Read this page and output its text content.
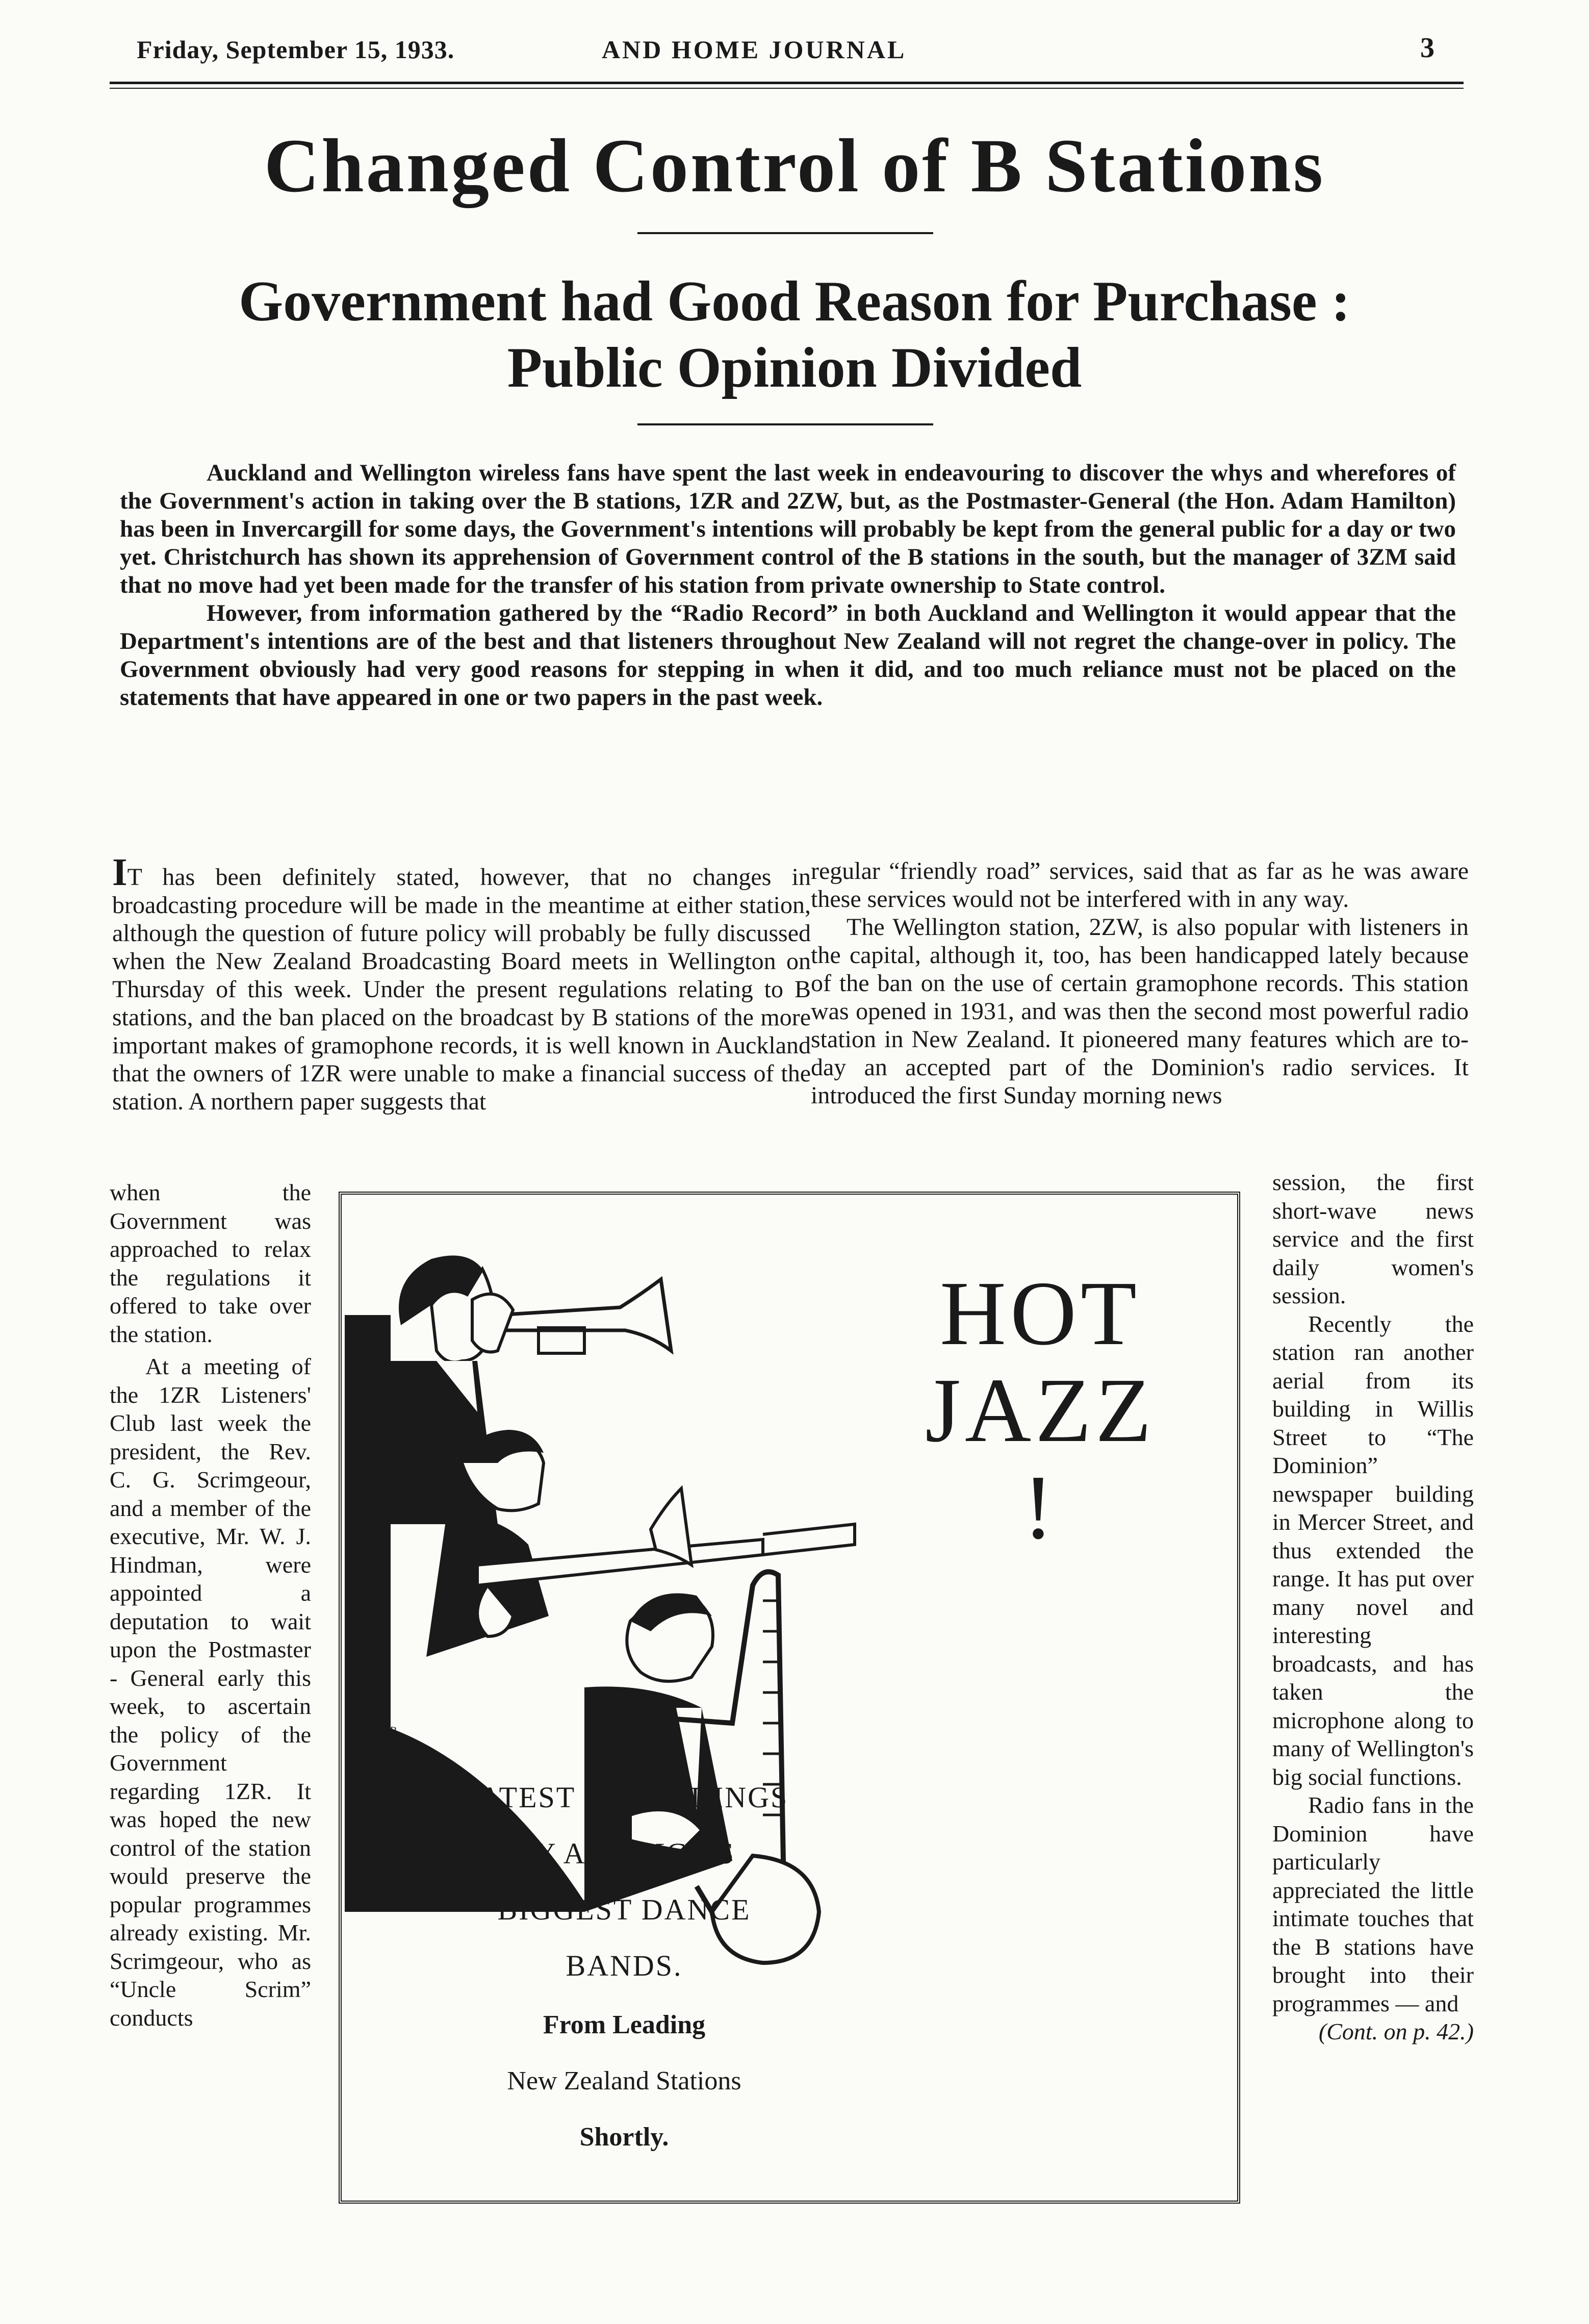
Friday, September 15, 1933.	AND HOME JOURNAL	3
Changed Control of B Stations
Government had Good Reason for Purchase :
Public Opinion Divided

Auckland and Wellington wireless fans have spent the last week in endeavouring to discover the whys and wherefores of the Government's action in taking over the B stations, 1ZR and 2ZW, but, as the Postmaster-General (the Hon. Adam Hamilton) has been in Invercargill for some days, the Government's intentions will probably be kept from the general public for a day or two yet. Christchurch has shown its apprehension of Government control of the B stations in the south, but the manager of 3ZM said that no move had yet been made for the transfer of his station from private ownership to State control.

However, from information gathered by the “Radio Record” in both Auckland and Wellington it would appear that the Department's intentions are of the best and that listeners throughout New Zealand will not regret the change-over in policy. The Government obviously had very good reasons for stepping in when it did, and too much reliance must not be placed on the statements that have appeared in one or two papers in the past week.

IT has been definitely stated, however, that no changes in broadcasting procedure will be made in the meantime at either station, although the question of future policy will probably be fully discussed when the New Zealand Broadcasting Board meets in Wellington on Thursday of this week. Under the present regulations relating to B stations, and the ban placed on the broadcast by B stations of the more important makes of gramophone records, it is well known in Auckland that the owners of 1ZR were unable to make a financial success of the station. A northern paper suggests that

when the Government was approached to relax the regulations it offered to take over the station.

At a meeting of the 1ZR Listeners' Club last week the president, the Rev. C. G. Scrimgeour, and a member of the executive, Mr. W. J. Hindman, were appointed a deputation to wait upon the Postmaster - General early this week, to ascertain the policy of the Government regarding 1ZR. It was hoped the new control of the station would preserve the popular programmes already existing. Mr. Scrimgeour, who as “Uncle Scrim” conducts

regular “friendly road” services, said that as far as he was aware these services would not be interfered with in any way.

The Wellington station, 2ZW, is also popular with listeners in the capital, although it, too, has been handicapped lately because of the ban on the use of certain gramophone records. This station was opened in 1931, and was then the second most powerful radio station in New Zealand. It pioneered many features which are to-day an accepted part of the Dominion's radio services. It introduced the first Sunday morning news

session, the first short-wave news service and the first daily women's session.

Recently the station ran another aerial from its building in Willis Street to “The Dominion” newspaper building in Mercer Street, and thus extended the range. It has put over many novel and interesting broadcasts, and has taken the microphone along to many of Wellington's big social functions.

Radio fans in the Dominion have particularly appreciated the little intimate touches that the B stations have brought into their programmes — and

(Cont. on p. 42.)

HOT
JAZZ !
JOR
LATEST RECORDINGS
BY AMERICA'S
BIGGEST DANCE
BANDS.
From Leading
New Zealand Stations
Shortly.
